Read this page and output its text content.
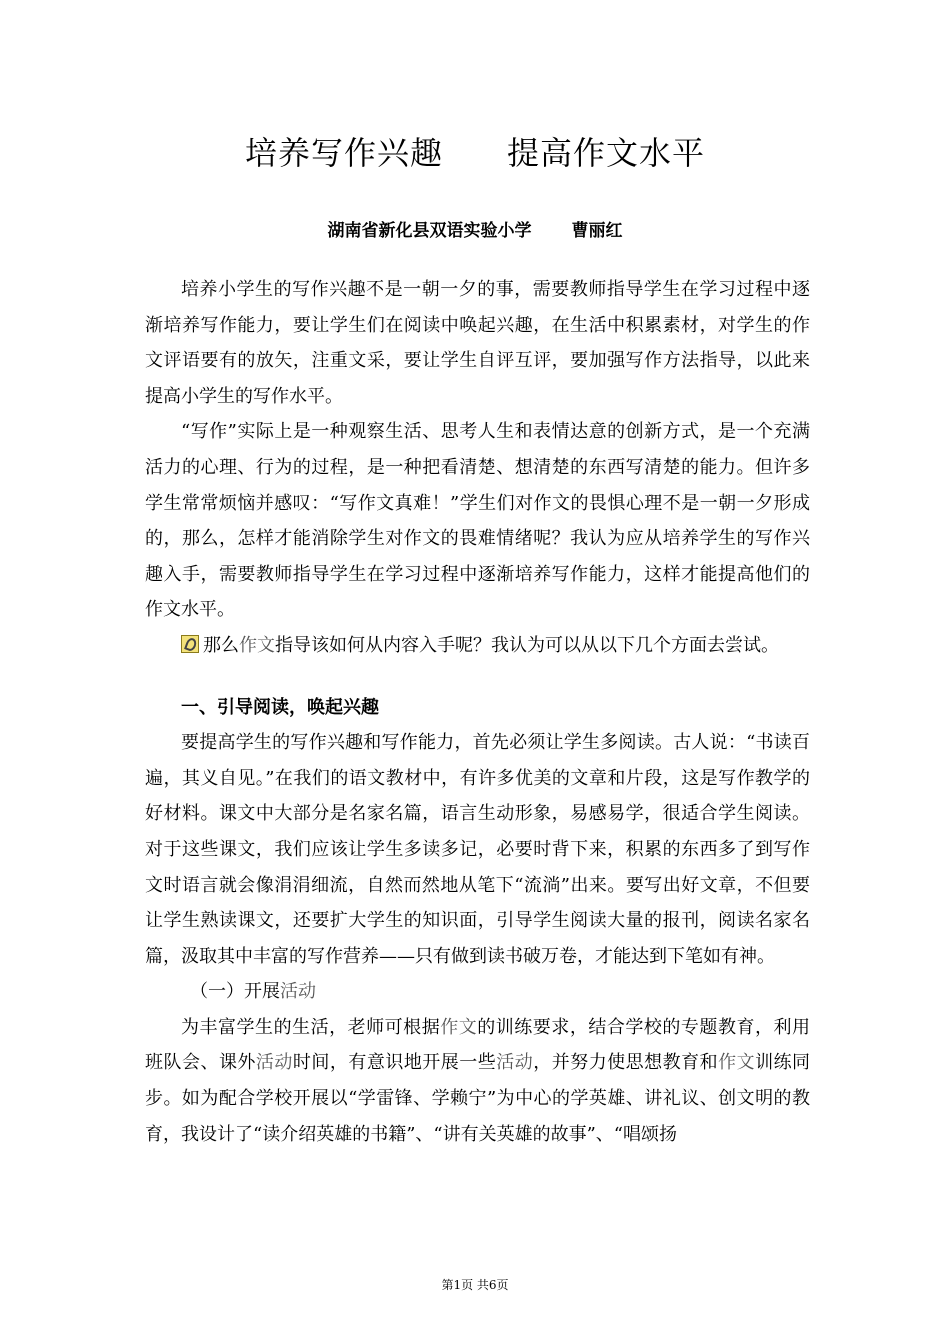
培养写作兴趣 提高作文水平
湖南省新化县双语实验小学 曹丽红

培养小学生的写作兴趣不是一朝一夕的事，需要教师指导学生在学习过程中逐渐培养写作能力，要让学生们在阅读中唤起兴趣，在生活中积累素材，对学生的作文评语要有的放矢，注重文采，要让学生自评互评，要加强写作方法指导，以此来提高小学生的写作水平。

“写作”实际上是一种观察生活、思考人生和表情达意的创新方式，是一个充满活力的心理、行为的过程，是一种把看清楚、想清楚的东西写清楚的能力。但许多学生常常烦恼并感叹：“写作文真难！”学生们对作文的畏惧心理不是一朝一夕形成的，那么，怎样才能消除学生对作文的畏难情绪呢？我认为应从培养学生的写作兴趣入手，需要教师指导学生在学习过程中逐渐培养写作能力，这样才能提高他们的作文水平。

那么作文指导该如何从内容入手呢？我认为可以从以下几个方面去尝试。

一、引导阅读，唤起兴趣

要提高学生的写作兴趣和写作能力，首先必须让学生多阅读。古人说：“书读百遍，其义自见。”在我们的语文教材中，有许多优美的文章和片段，这是写作教学的好材料。课文中大部分是名家名篇，语言生动形象，易感易学，很适合学生阅读。对于这些课文，我们应该让学生多读多记，必要时背下来，积累的东西多了到写作文时语言就会像涓涓细流，自然而然地从笔下“流淌”出来。要写出好文章，不但要让学生熟读课文，还要扩大学生的知识面，引导学生阅读大量的报刊，阅读名家名篇，汲取其中丰富的写作营养——只有做到读书破万卷，才能达到下笔如有神。

（一）开展活动

为丰富学生的生活，老师可根据作文的训练要求，结合学校的专题教育，利用班队会、课外活动时间，有意识地开展一些活动，并努力使思想教育和作文训练同步。如为配合学校开展以“学雷锋、学赖宁”为中心的学英雄、讲礼议、创文明的教育，我设计了“读介绍英雄的书籍”、“讲有关英雄的故事”、“唱颂扬

第1页 共6页
